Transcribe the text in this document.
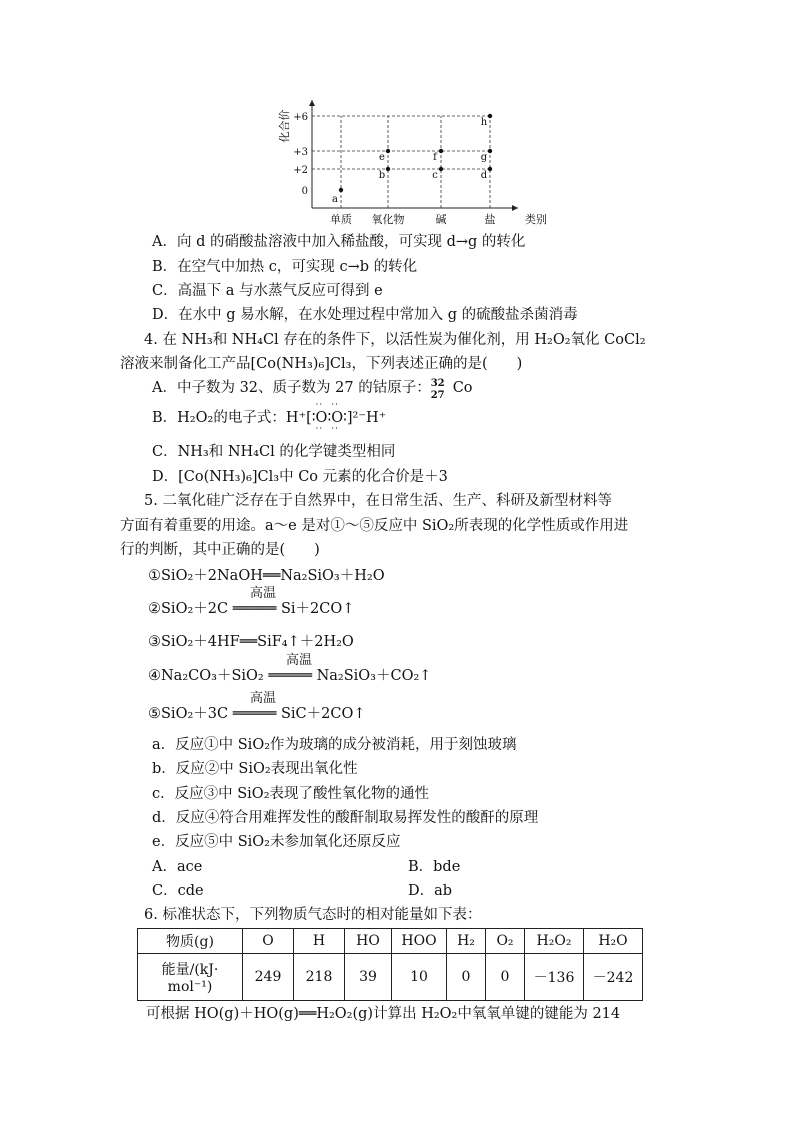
+6
+3
+2
0
化合价
单质 氧化物	碱	盐	类别
a
b
e
c
f
d
g
h
A．向 d 的硝酸盐溶液中加入稀盐酸，可实现 d→g 的转化
B．在空气中加热 c，可实现 c→b 的转化
C．高温下 a 与水蒸气反应可得到 e
D．在水中 g 易水解，在水处理过程中常加入 g 的硫酸盐杀菌消毒
4. 在 NH₃和 NH₄Cl 存在的条件下，以活性炭为催化剂，用 H₂O₂氧化 CoCl₂
溶液来制备化工产品[Co(NH₃)₆]Cl₃，下列表述正确的是(　　)
A．中子数为 32、质子数为 27 的钴原子： 32
27 Co
B．H₂O₂的电子式：H⁺[∶
··
O
··
∶
··
O
··
∶]²⁻H⁺
C．NH₃和 NH₄Cl 的化学键类型相同
D．[Co(NH₃)₆]Cl₃中 Co 元素的化合价是＋3
5. 二氧化硅广泛存在于自然界中，在日常生活、生产、科研及新型材料等
方面有着重要的用途。a～e 是对①～⑤反应中 SiO₂所表现的化学性质或作用进
行的判断，其中正确的是(　　)
①SiO₂＋2NaOH══Na₂SiO₃＋H₂O
高温
②SiO₂＋2C ═════ Si＋2CO↑
③SiO₂＋4HF══SiF₄↑＋2H₂O
高温
④Na₂CO₃＋SiO₂ ═════ Na₂SiO₃＋CO₂↑
高温
⑤SiO₂＋3C ═════ SiC＋2CO↑
a．反应①中 SiO₂作为玻璃的成分被消耗，用于刻蚀玻璃
b．反应②中 SiO₂表现出氧化性
c．反应③中 SiO₂表现了酸性氧化物的通性
d．反应④符合用难挥发性的酸酐制取易挥发性的酸酐的原理
e．反应⑤中 SiO₂未参加氧化还原反应
A．ace	B．bde
C．cde	D．ab
6. 标准状态下，下列物质气态时的相对能量如下表：
物质(g)	O	H	HO	HOO	H₂	O₂	H₂O₂	H₂O
能量/(kJ·
mol⁻¹)	249	218	39	10	0	0	－136	－242
可根据 HO(g)＋HO(g)══H₂O₂(g)计算出 H₂O₂中氧氧单键的键能为 214
